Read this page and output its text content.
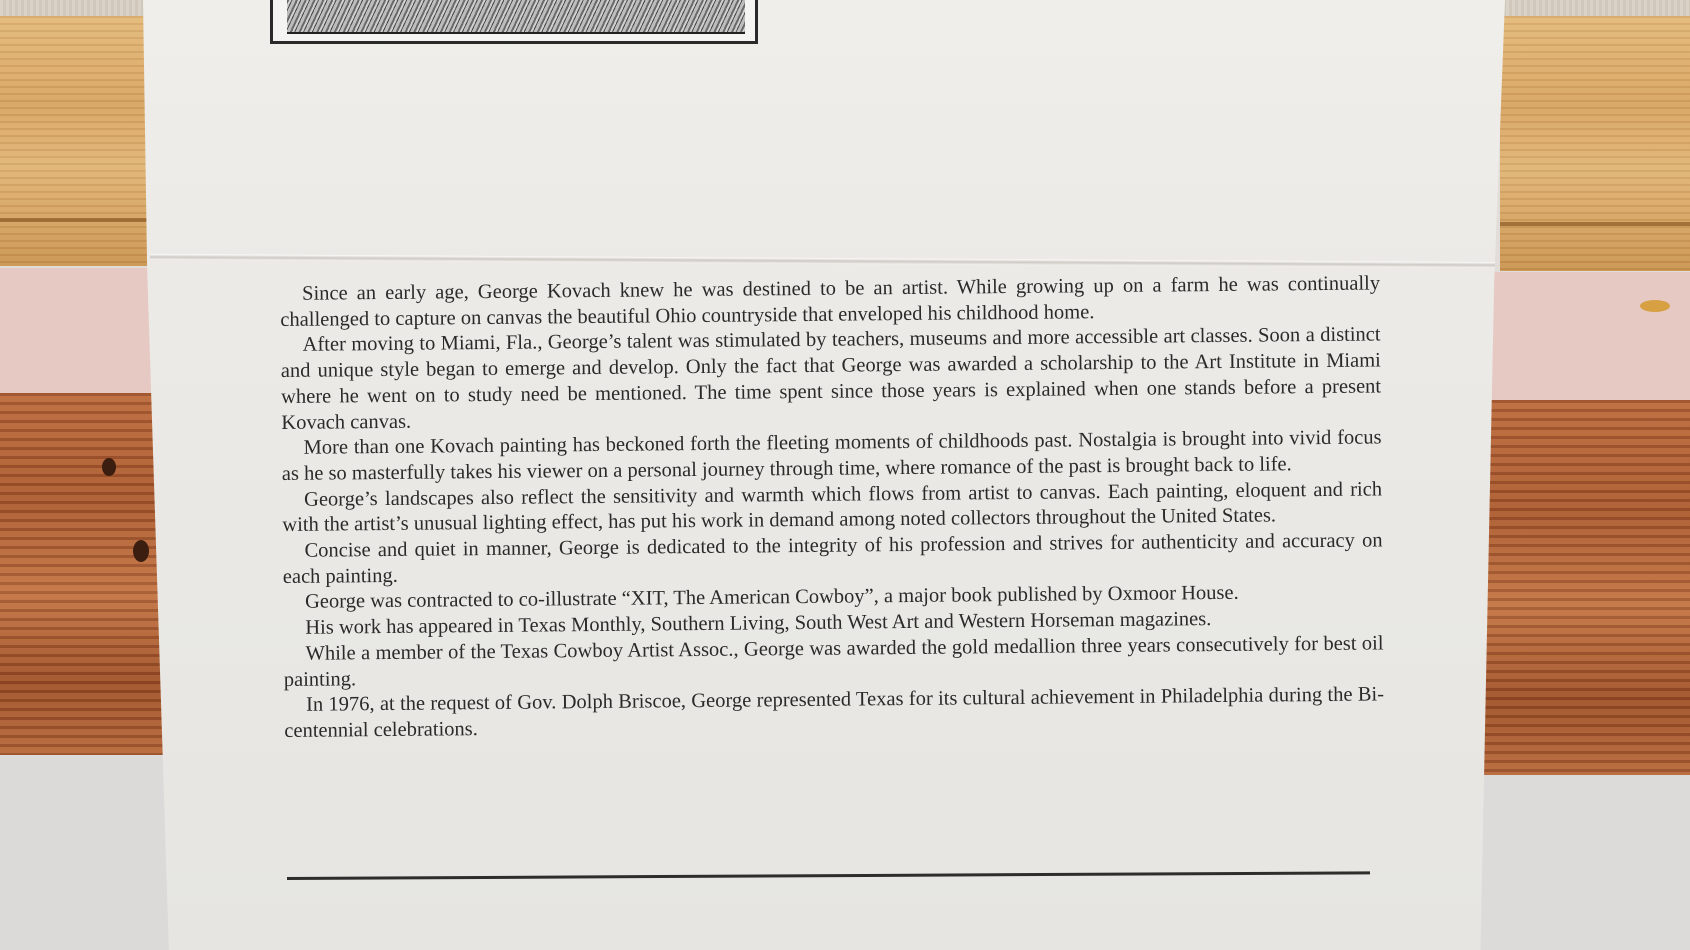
Since an early age, George Kovach knew he was destined to be an artist. While growing up on a farm he was continually challenged to capture on canvas the beautiful Ohio countryside that enveloped his childhood home.

After moving to Miami, Fla., George’s talent was stimulated by teachers, museums and more accessible art classes. Soon a distinct and unique style began to emerge and develop. Only the fact that George was awarded a scholarship to the Art Institute in Miami where he went on to study need be mentioned. The time spent since those years is explained when one stands before a present Kovach canvas.

More than one Kovach painting has beckoned forth the fleeting moments of childhoods past. Nostalgia is brought into vivid focus as he so masterfully takes his viewer on a personal journey through time, where romance of the past is brought back to life.

George’s landscapes also reflect the sensitivity and warmth which flows from artist to canvas. Each painting, eloquent and rich with the artist’s unusual lighting effect, has put his work in demand among noted collectors throughout the United States.

Concise and quiet in manner, George is dedicated to the integrity of his profession and strives for authenticity and accuracy on each painting.

George was contracted to co-illustrate “XIT, The American Cowboy”, a major book published by Oxmoor House.

His work has appeared in Texas Monthly, Southern Living, South West Art and Western Horseman magazines.

While a member of the Texas Cowboy Artist Assoc., George was awarded the gold medallion three years consecutively for best oil painting.

In 1976, at the request of Gov. Dolph Briscoe, George represented Texas for its cultural achievement in Philadelphia during the Bi-centennial celebrations.
